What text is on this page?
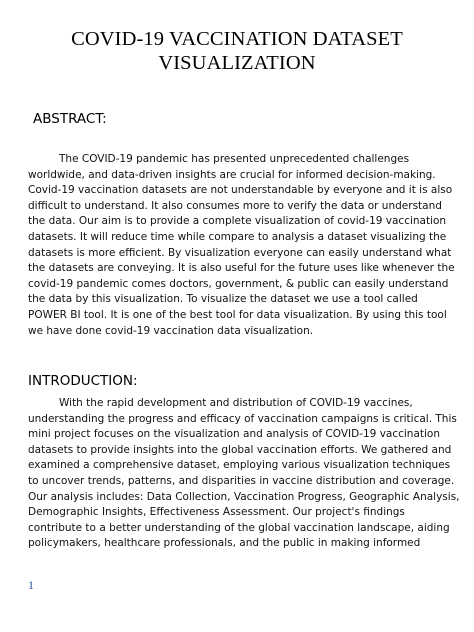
COVID-19 VACCINATION DATASET
VISUALIZATION
ABSTRACT:

The COVID-19 pandemic has presented unprecedented challenges
worldwide, and data-driven insights are crucial for informed decision-making.
Covid-19 vaccination datasets are not understandable by everyone and it is also
difficult to understand. It also consumes more to verify the data or understand
the data. Our aim is to provide a complete visualization of covid-19 vaccination
datasets. It will reduce time while compare to analysis a dataset visualizing the
datasets is more efficient. By visualization everyone can easily understand what
the datasets are conveying. It is also useful for the future uses like whenever the
covid-19 pandemic comes doctors, government, & public can easily understand
the data by this visualization. To visualize the dataset we use a tool called
POWER BI tool. It is one of the best tool for data visualization. By using this tool
we have done covid-19 vaccination data visualization.

INTRODUCTION:

With the rapid development and distribution of COVID-19 vaccines,
understanding the progress and efficacy of vaccination campaigns is critical. This
mini project focuses on the visualization and analysis of COVID-19 vaccination
datasets to provide insights into the global vaccination efforts. We gathered and
examined a comprehensive dataset, employing various visualization techniques
to uncover trends, patterns, and disparities in vaccine distribution and coverage.
Our analysis includes: Data Collection, Vaccination Progress, Geographic Analysis,
Demographic Insights, Effectiveness Assessment. Our project's findings
contribute to a better understanding of the global vaccination landscape, aiding
policymakers, healthcare professionals, and the public in making informed

1
